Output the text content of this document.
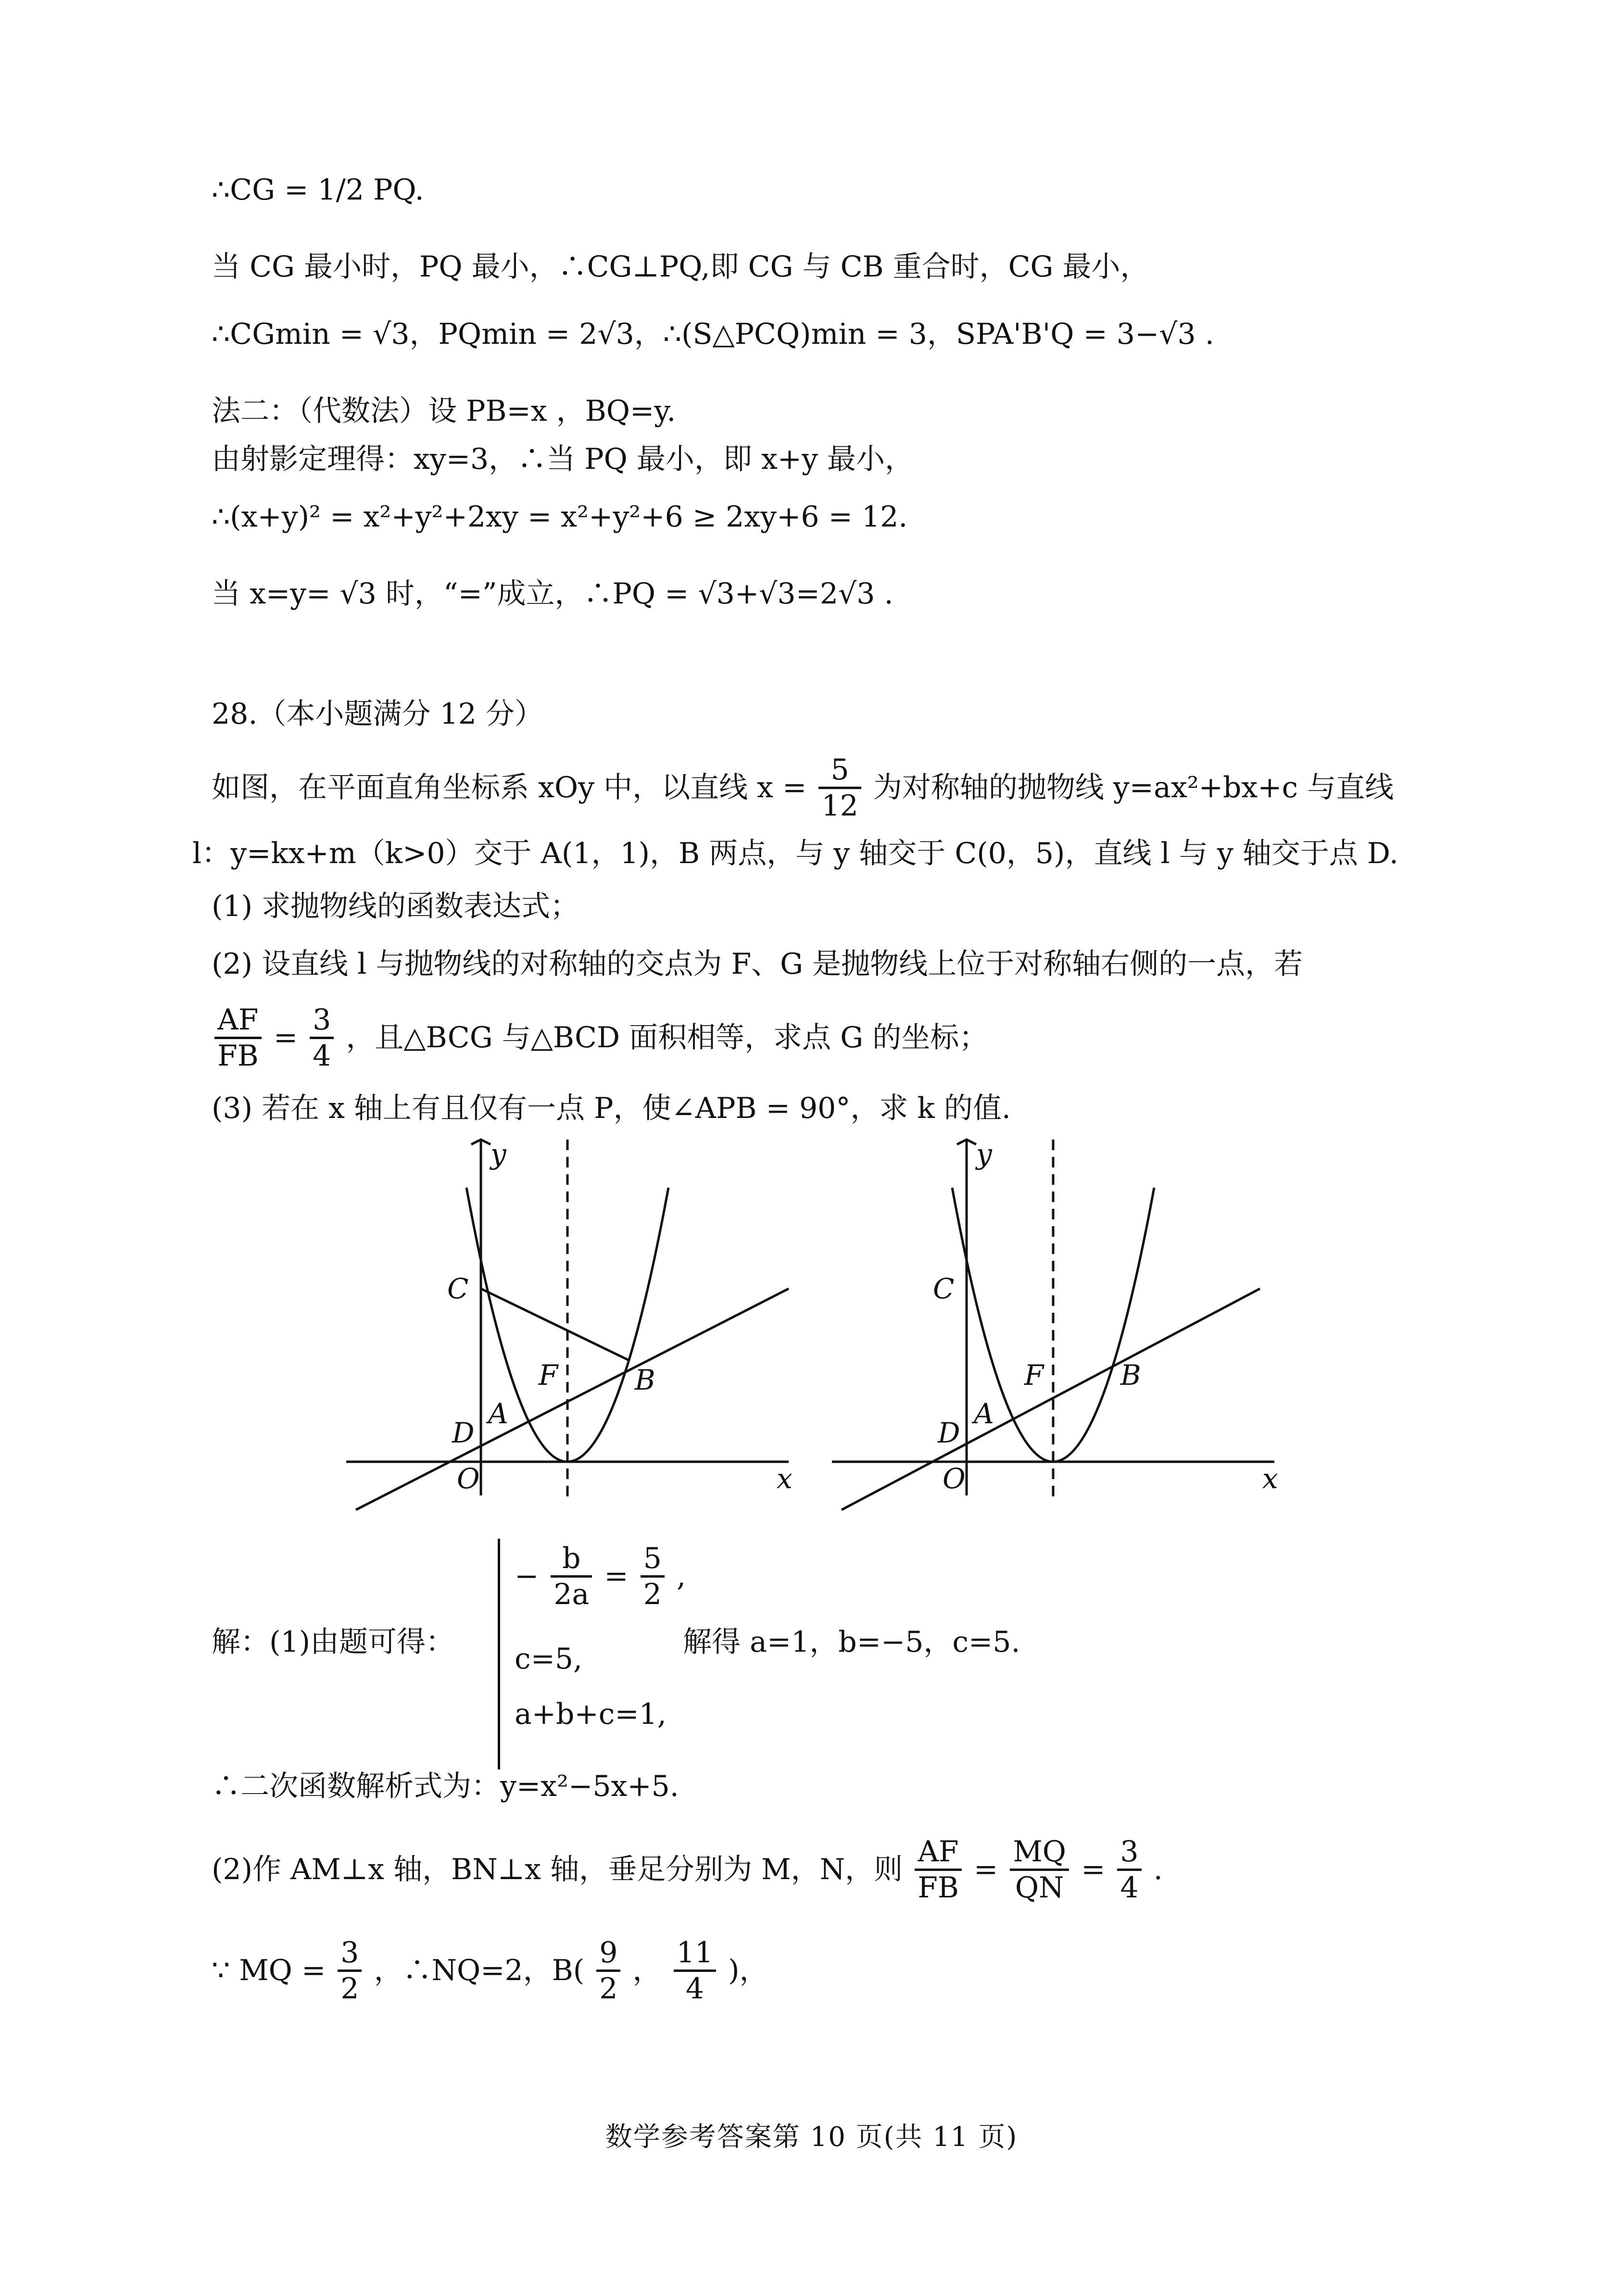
∴CG = 1/2 PQ.
当 CG 最小时，PQ 最小，∴CG⊥PQ,即 CG 与 CB 重合时，CG 最小，
∴CGmin = √3，PQmin = 2√3，∴(S△PCQ)min = 3，SPA'B'Q = 3−√3 .
法二：（代数法）设 PB=x ，BQ=y.
由射影定理得：xy=3，∴当 PQ 最小，即 x+y 最小，
∴(x+y)² = x²+y²+2xy = x²+y²+6 ≥ 2xy+6 = 12.
当 x=y= √3 时，“=”成立，∴PQ = √3+√3=2√3 .
28.（本小题满分 12 分）
如图，在平面直角坐标系 xOy 中，以直线 $x = \frac{5}{12}$ 为对称轴的抛物线 y=ax²+bx+c 与直线
l：y=kx+m（k>0）交于 A(1，1)，B 两点，与 y 轴交于 C(0，5)，直线 l 与 y 轴交于点 D.
(1) 求抛物线的函数表达式；
(2) 设直线 l 与抛物线的对称轴的交点为 F、G 是抛物线上位于对称轴右侧的一点，若
$\frac{AF}{FB} = \frac{3}{4}$ ，且△BCG 与△BCD 面积相等，求点 G 的坐标；
(3) 若在 x 轴上有且仅有一点 P，使∠APB = 90°，求 k 的值.
y
x
O
C
D
A
F	B
y
x
O
C
D
A
F	B
解：(1)由题可得：
− $\frac{b}{2a} = \frac{5}{2}$ ,
c=5,
a+b+c=1,
解得 a=1，b=−5，c=5.
∴二次函数解析式为：y=x²−5x+5.
(2)作 AM⊥x 轴，BN⊥x 轴，垂足分别为 M，N，则 $\frac{AF}{FB} = \frac{MQ}{QN} = \frac{3}{4}$ .
∵ MQ = $\frac{3}{2}$ ，∴NQ=2，$B( \frac{9}{2}$ ， $\frac{11}{4}$ )，
数学参考答案第 10 页(共 11 页)
